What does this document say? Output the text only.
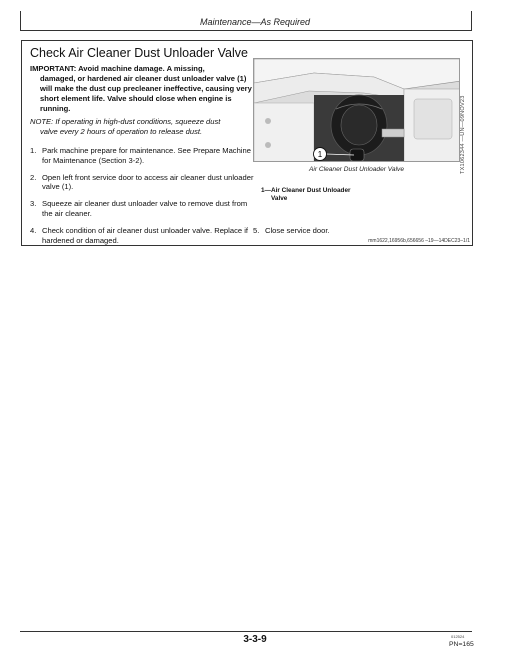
Maintenance—As Required
Check Air Cleaner Dust Unloader Valve
IMPORTANT: Avoid machine damage. A missing,
damaged, or hardened air cleaner dust unloader valve (1) will make the dust cup precleaner ineffective, causing very short element life. Valve should close when engine is running.
NOTE: If operating in high-dust conditions, squeeze dust
valve every 2 hours of operation to release dust.
1. Park machine prepare for maintenance. See Prepare Machine for Maintenance (Section 3-2).
2. Open left front service door to access air cleaner dust unloader valve (1).
3. Squeeze air cleaner dust unloader valve to remove dust from the air cleaner.
4. Check condition of air cleaner dust unloader valve. Replace if hardened or damaged.
1	TX1062344 —UN—09NOV23
Air Cleaner Dust Unloader Valve
1—Air Cleaner Dust Unloader
Valve
5. Close service door.
mm1622,16956b,656656 –19—14DEC23–1/1
3-3-9	012524
PN=165
